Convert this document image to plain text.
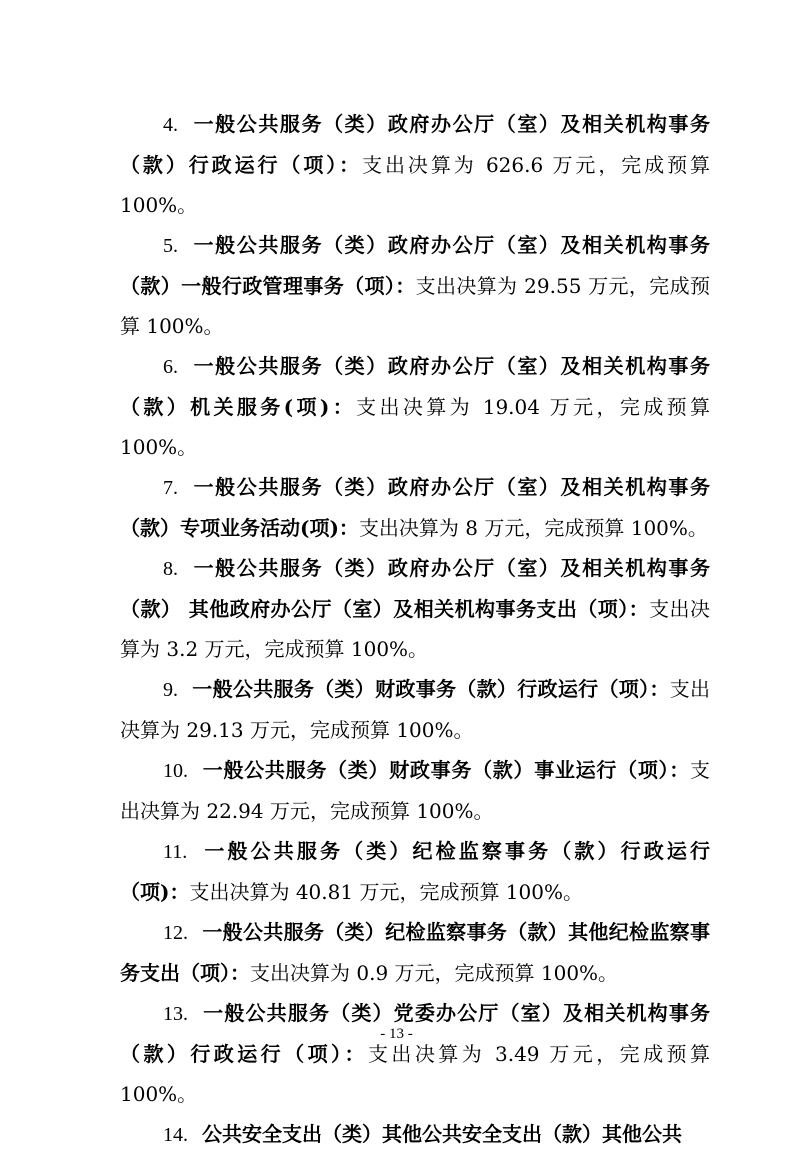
4. 一般公共服务（类）政府办公厅（室）及相关机构事务（款）行政运行（项）：支出决算为 626.6 万元，完成预算 100%。

5. 一般公共服务（类）政府办公厅（室）及相关机构事务（款）一般行政管理事务（项）：支出决算为 29.55 万元，完成预算 100%。

6. 一般公共服务（类）政府办公厅（室）及相关机构事务（款）机关服务(项)：支出决算为 19.04 万元，完成预算 100%。

7. 一般公共服务（类）政府办公厅（室）及相关机构事务（款）专项业务活动(项)：支出决算为 8 万元，完成预算 100%。

8. 一般公共服务（类）政府办公厅（室）及相关机构事务（款） 其他政府办公厅（室）及相关机构事务支出（项）：支出决算为 3.2 万元，完成预算 100%。

9. 一般公共服务（类）财政事务（款）行政运行（项）：支出决算为 29.13 万元，完成预算 100%。

10. 一般公共服务（类）财政事务（款）事业运行（项）：支出决算为 22.94 万元，完成预算 100%。

11. 一般公共服务（类）纪检监察事务（款）行政运行（项)：支出决算为 40.81 万元，完成预算 100%。

12. 一般公共服务（类）纪检监察事务（款）其他纪检监察事务支出（项）：支出决算为 0.9 万元，完成预算 100%。

13. 一般公共服务（类）党委办公厅（室）及相关机构事务（款）行政运行（项）：支出决算为 3.49 万元，完成预算 100%。

14. 公共安全支出（类）其他公共安全支出（款）其他公共

- 13 -
